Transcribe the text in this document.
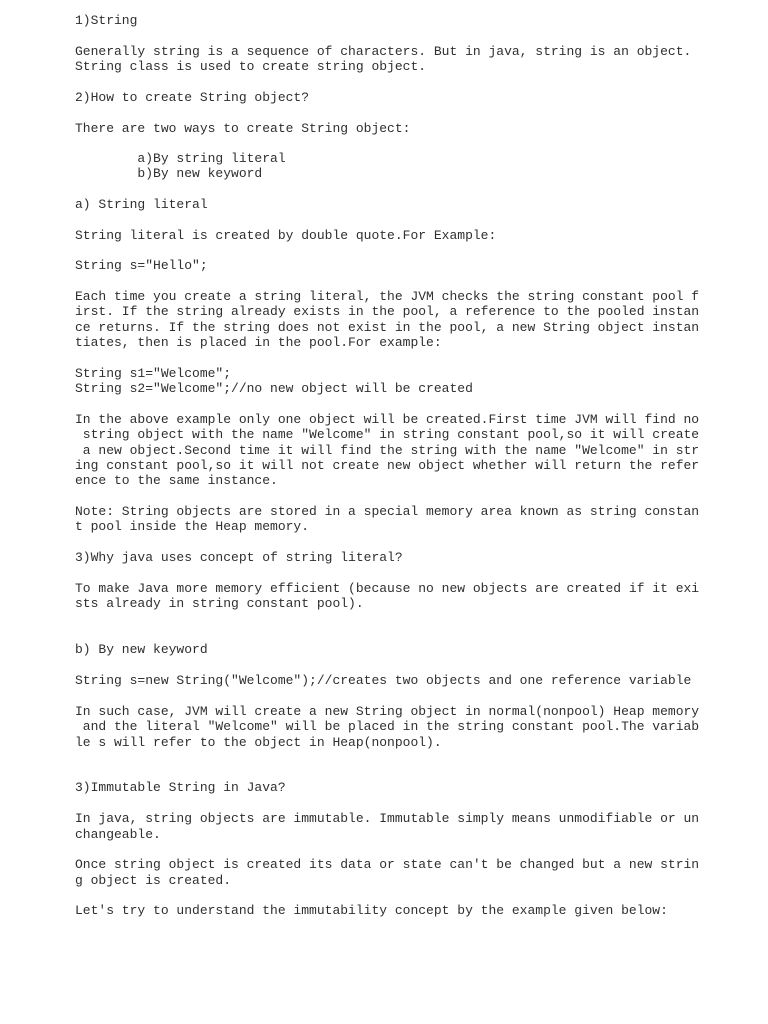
1)String

Generally string is a sequence of characters. But in java, string is an object.

String class is used to create string object.

2)How to create String object?

There are two ways to create String object:

a)By string literal

b)By new keyword

a) String literal

String literal is created by double quote.For Example:

String s="Hello";

Each time you create a string literal, the JVM checks the string constant pool f

irst. If the string already exists in the pool, a reference to the pooled instan

ce returns. If the string does not exist in the pool, a new String object instan

tiates, then is placed in the pool.For example:

String s1="Welcome";

String s2="Welcome";//no new object will be created

In the above example only one object will be created.First time JVM will find no

string object with the name "Welcome" in string constant pool,so it will create

a new object.Second time it will find the string with the name "Welcome" in str

ing constant pool,so it will not create new object whether will return the refer

ence to the same instance.

Note: String objects are stored in a special memory area known as string constan

t pool inside the Heap memory.

3)Why java uses concept of string literal?

To make Java more memory efficient (because no new objects are created if it exi

sts already in string constant pool).

b) By new keyword

String s=new String("Welcome");//creates two objects and one reference variable

In such case, JVM will create a new String object in normal(nonpool) Heap memory

and the literal "Welcome" will be placed in the string constant pool.The variab

le s will refer to the object in Heap(nonpool).

3)Immutable String in Java?

In java, string objects are immutable. Immutable simply means unmodifiable or un

changeable.

Once string object is created its data or state can't be changed but a new strin

g object is created.

Let's try to understand the immutability concept by the example given below:
